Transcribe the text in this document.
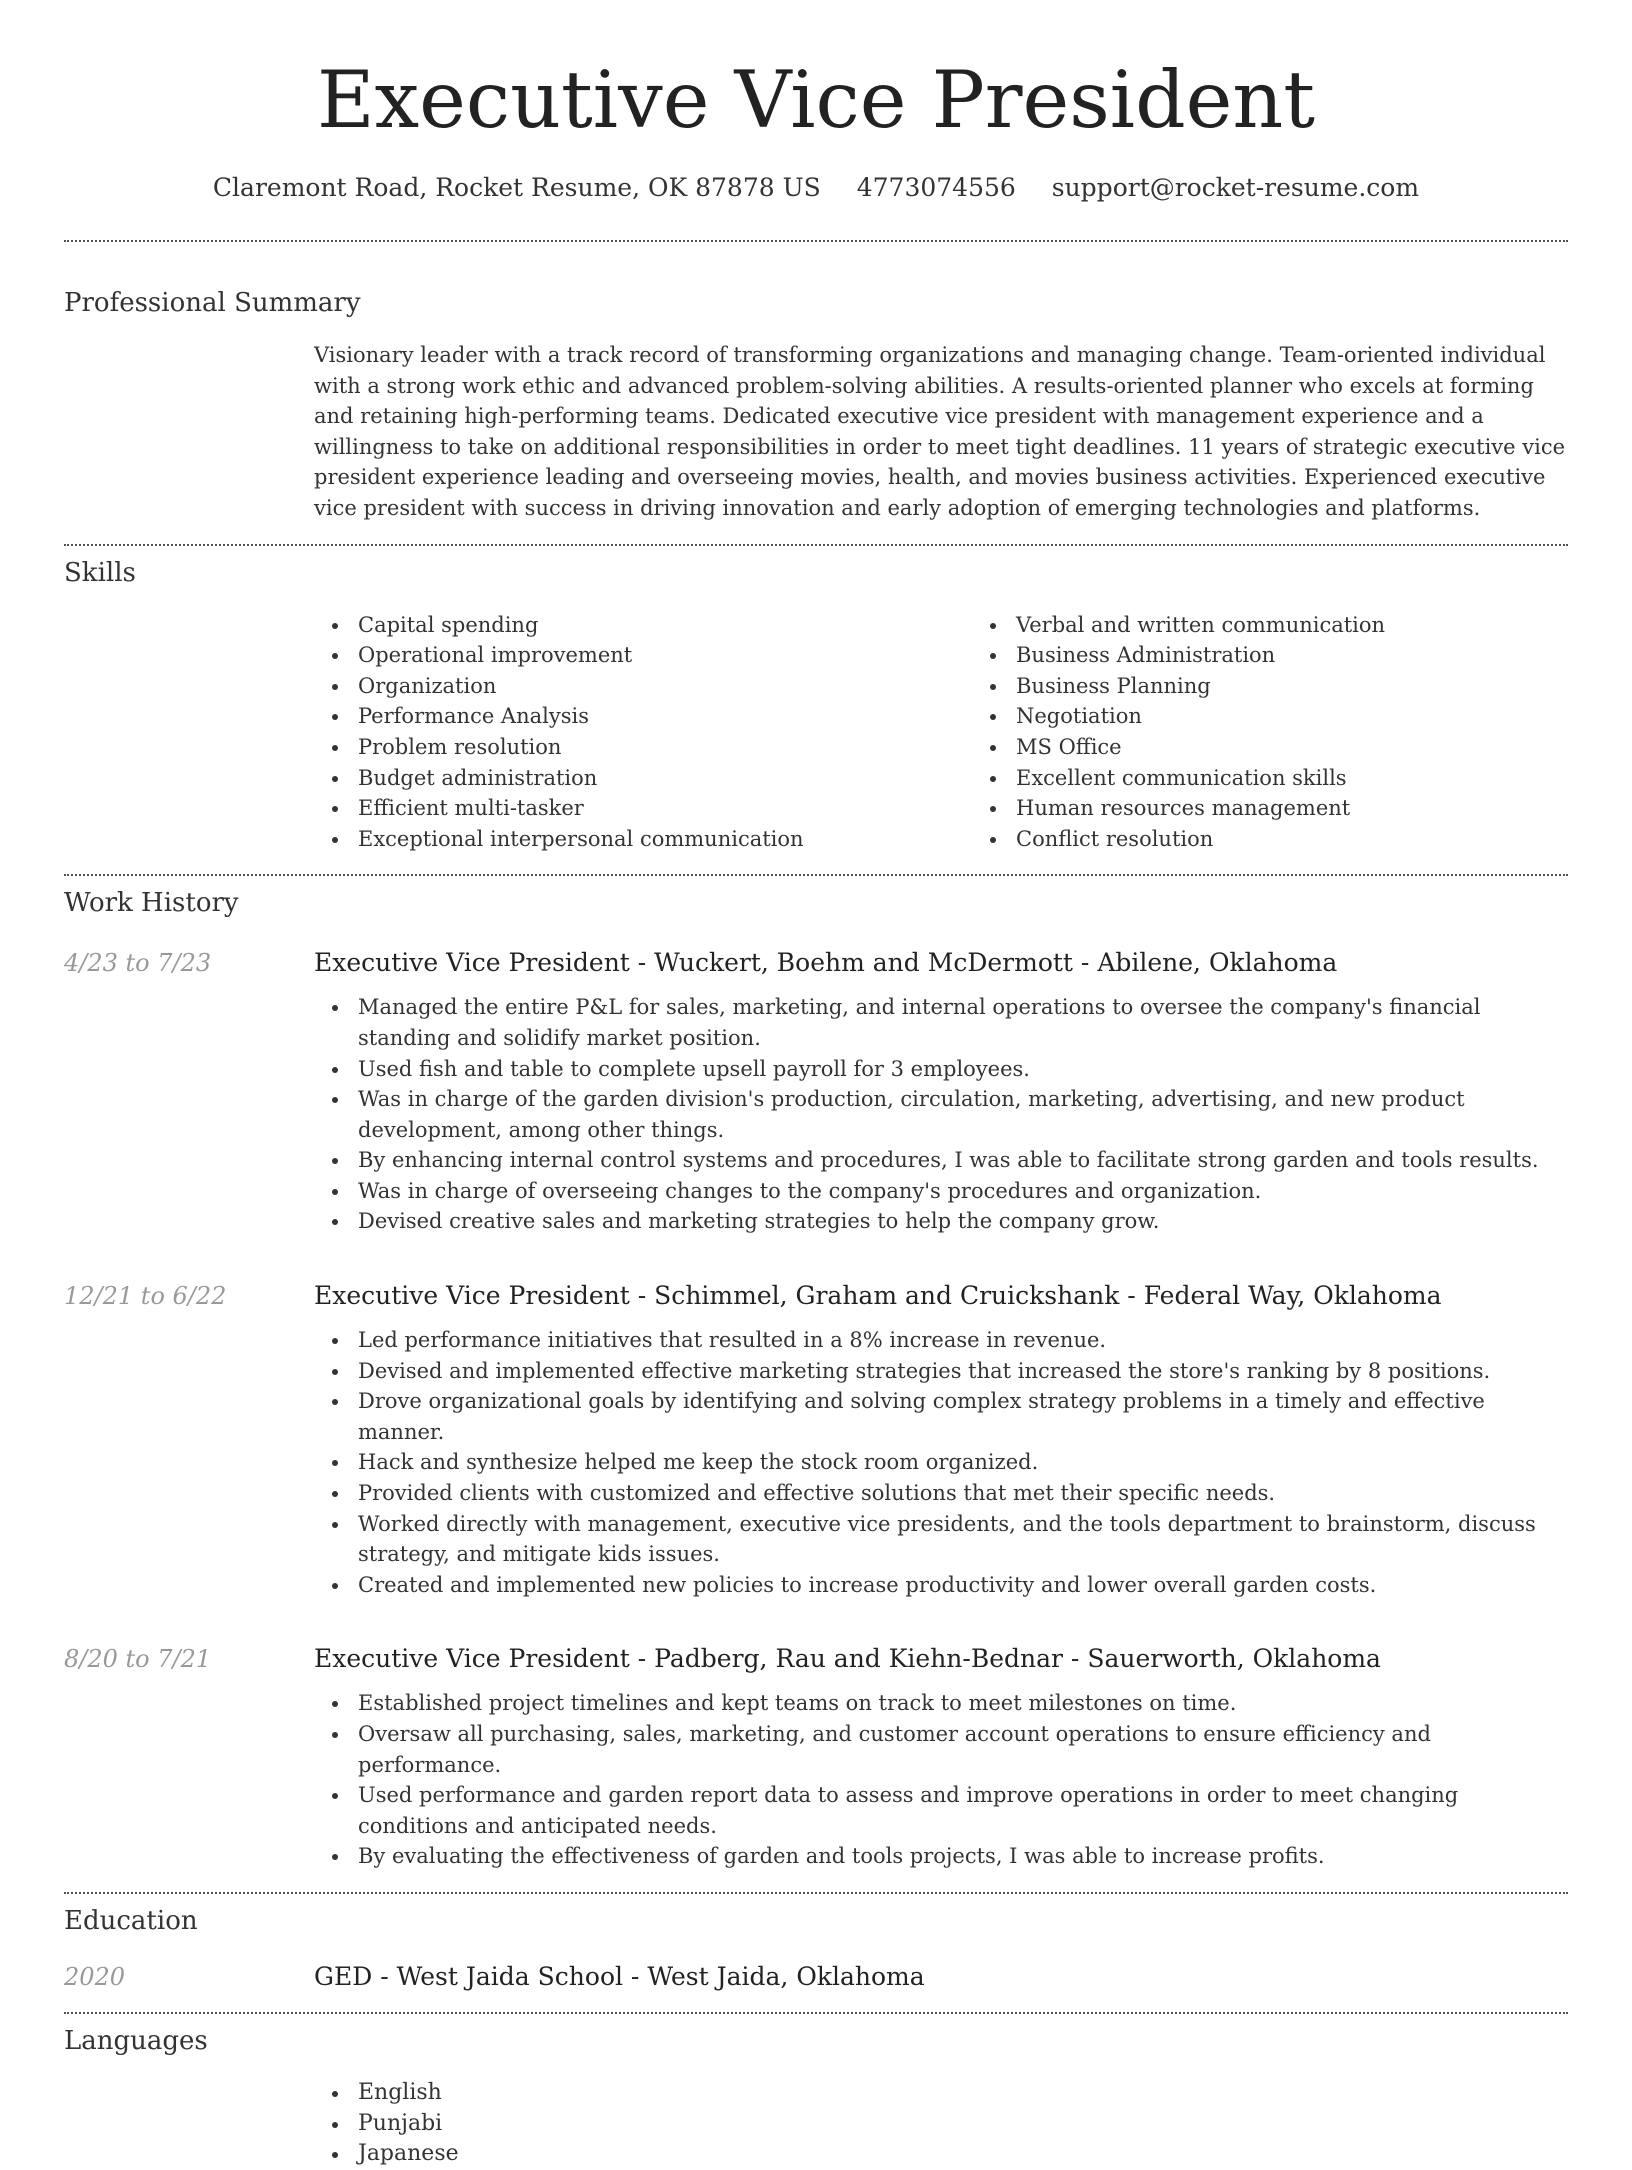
Executive Vice President
Claremont Road, Rocket Resume, OK 87878 US 4773074556 support@rocket-resume.com
Professional Summary

Visionary leader with a track record of transforming organizations and managing change. Team-oriented individual with a strong work ethic and advanced problem-solving abilities. A results-oriented planner who excels at forming and retaining high-performing teams. Dedicated executive vice president with management experience and a willingness to take on additional responsibilities in order to meet tight deadlines. 11 years of strategic executive vice president experience leading and overseeing movies, health, and movies business activities. Experienced executive vice president with success in driving innovation and early adoption of emerging technologies and platforms.

Skills
Capital spending
Operational improvement
Organization
Performance Analysis
Problem resolution
Budget administration
Efficient multi-tasker
Exceptional interpersonal communication
Verbal and written communication
Business Administration
Business Planning
Negotiation
MS Office
Excellent communication skills
Human resources management
Conflict resolution
Work History
4/23 to 7/23	Executive Vice President - Wuckert, Boehm and McDermott - Abilene, Oklahoma
Managed the entire P&L for sales, marketing, and internal operations to oversee the company's financial standing and solidify market position.
Used fish and table to complete upsell payroll for 3 employees.
Was in charge of the garden division's production, circulation, marketing, advertising, and new product development, among other things.
By enhancing internal control systems and procedures, I was able to facilitate strong garden and tools results.
Was in charge of overseeing changes to the company's procedures and organization.
Devised creative sales and marketing strategies to help the company grow.
12/21 to 6/22	Executive Vice President - Schimmel, Graham and Cruickshank - Federal Way, Oklahoma
Led performance initiatives that resulted in a 8% increase in revenue.
Devised and implemented effective marketing strategies that increased the store's ranking by 8 positions.
Drove organizational goals by identifying and solving complex strategy problems in a timely and effective manner.
Hack and synthesize helped me keep the stock room organized.
Provided clients with customized and effective solutions that met their specific needs.
Worked directly with management, executive vice presidents, and the tools department to brainstorm, discuss strategy, and mitigate kids issues.
Created and implemented new policies to increase productivity and lower overall garden costs.
8/20 to 7/21	Executive Vice President - Padberg, Rau and Kiehn-Bednar - Sauerworth, Oklahoma
Established project timelines and kept teams on track to meet milestones on time.
Oversaw all purchasing, sales, marketing, and customer account operations to ensure efficiency and performance.
Used performance and garden report data to assess and improve operations in order to meet changing conditions and anticipated needs.
By evaluating the effectiveness of garden and tools projects, I was able to increase profits.
Education
2020	GED - West Jaida School - West Jaida, Oklahoma
Languages
English
Punjabi
Japanese
